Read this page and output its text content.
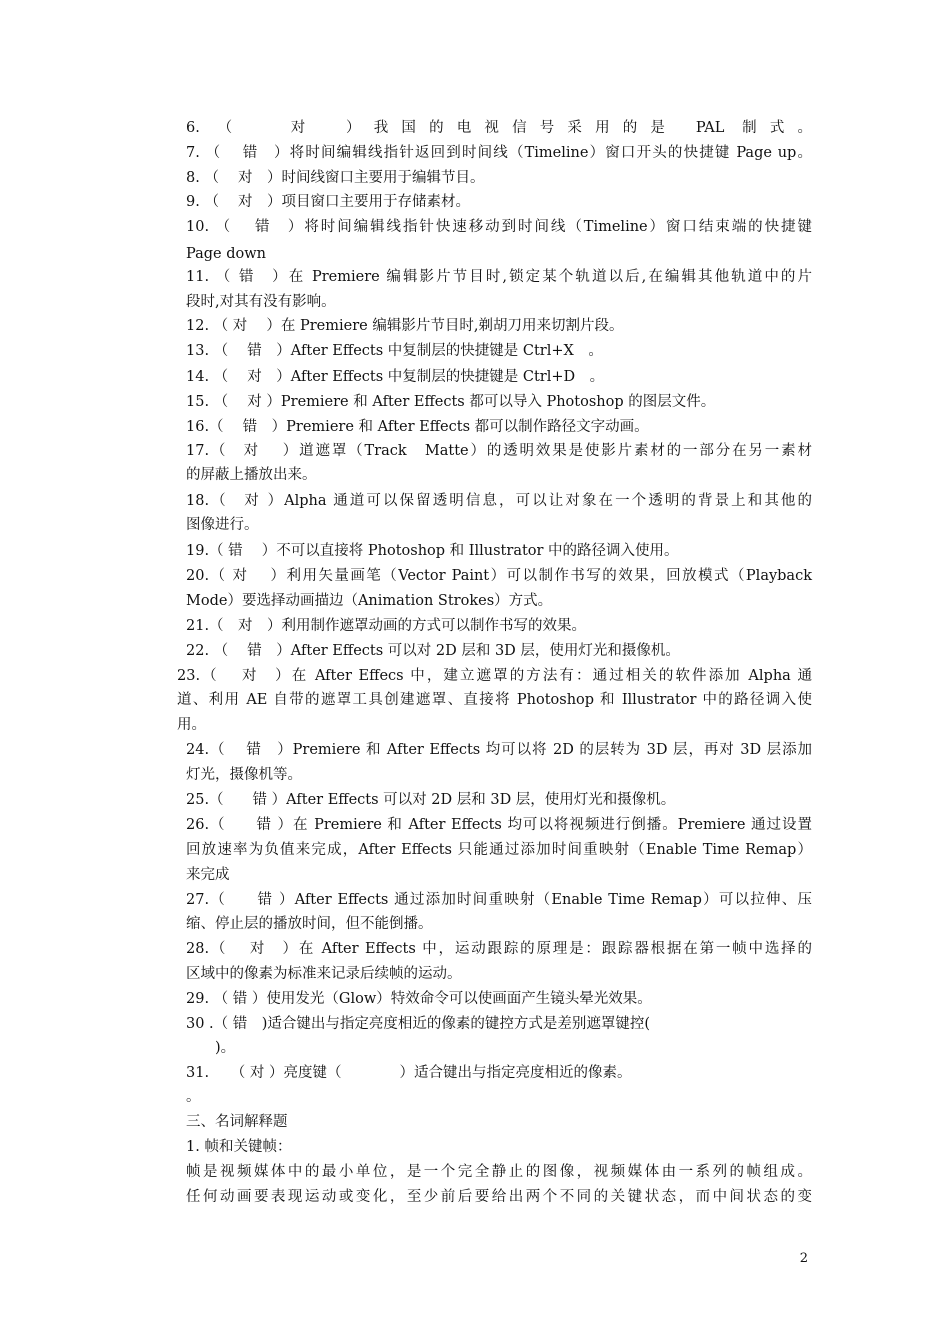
6. （　 对　）我国的电视信号采用的是 PAL 制式。
7. （　 错　）将时间编辑线指针返回到时间线（Timeline）窗口开头的快捷键 Page up。
8. （　 对　）时间线窗口主要用于编辑节目。
9. （　 对　）项目窗口主要用于存储素材。
10. （　 错　）将时间编辑线指针快速移动到时间线（Timeline）窗口结束端的快捷键
Page down
11. （ 错　）在 Premiere 编辑影片节目时,锁定某个轨道以后,在编辑其他轨道中的片
段时,对其有没有影响。
12. （ 对　 ）在 Premiere 编辑影片节目时,剃胡刀用来切割片段。
13. （　 错　）After Effects 中复制层的快捷键是 Ctrl+X　。
14. （　 对　）After Effects 中复制层的快捷键是 Ctrl+D　。
15. （　 对 ）Premiere 和 After Effects 都可以导入 Photoshop 的图层文件。
16.（　 错　）Premiere 和 After Effects 都可以制作路径文字动画。
17.（　对　 ）道遮罩（Track　Matte）的透明效果是使影片素材的一部分在另一素材
的屏蔽上播放出来。
18.（　对 ）Alpha 通道可以保留透明信息，可以让对象在一个透明的背景上和其他的
图像进行。
19.（ 错　 ）不可以直接将 Photoshop 和 Illustrator 中的路径调入使用。
20.（ 对　 ）利用矢量画笔（Vector Paint）可以制作书写的效果，回放模式（Playback
Mode）要选择动画描边（Animation Strokes）方式。
21.（　对　）利用制作遮罩动画的方式可以制作书写的效果。
22. （　 错　）After Effects 可以对 2D 层和 3D 层，使用灯光和摄像机。
23.（　 对　）在 After Effecs 中，建立遮罩的方法有：通过相关的软件添加 Alpha 通
道、利用 AE 自带的遮罩工具创建遮罩、直接将 Photoshop 和 Illustrator 中的路径调入使
用。
24.（　 错　）Premiere 和 After Effects 均可以将 2D 的层转为 3D 层，再对 3D 层添加
灯光，摄像机等。
25.（　　错 ）After Effects 可以对 2D 层和 3D 层，使用灯光和摄像机。
26.（　　错 ）在 Premiere 和 After Effects 均可以将视频进行倒播。Premiere 通过设置
回放速率为负值来完成，After Effects 只能通过添加时间重映射（Enable Time Remap）
来完成
27.（　　错 ）After Effects 通过添加时间重映射（Enable Time Remap）可以拉伸、压
缩、停止层的播放时间，但不能倒播。
28.（　 对　）在 After Effects 中，运动跟踪的原理是：跟踪器根据在第一帧中选择的
区域中的像素为标准来记录后续帧的运动。
29. （ 错 ）使用发光（Glow）特效命令可以使画面产生镜头晕光效果。
30 .（ 错　)适合键出与指定亮度相近的像素的键控方式是差别遮罩键控(
　　)。
31.　　（ 对 ）亮度键（　　　　）适合键出与指定亮度相近的像素。
。
三、名词解释题
1. 帧和关键帧：
帧是视频媒体中的最小单位，是一个完全静止的图像，视频媒体由一系列的帧组成。
任何动画要表现运动或变化，至少前后要给出两个不同的关键状态，而中间状态的变
2
